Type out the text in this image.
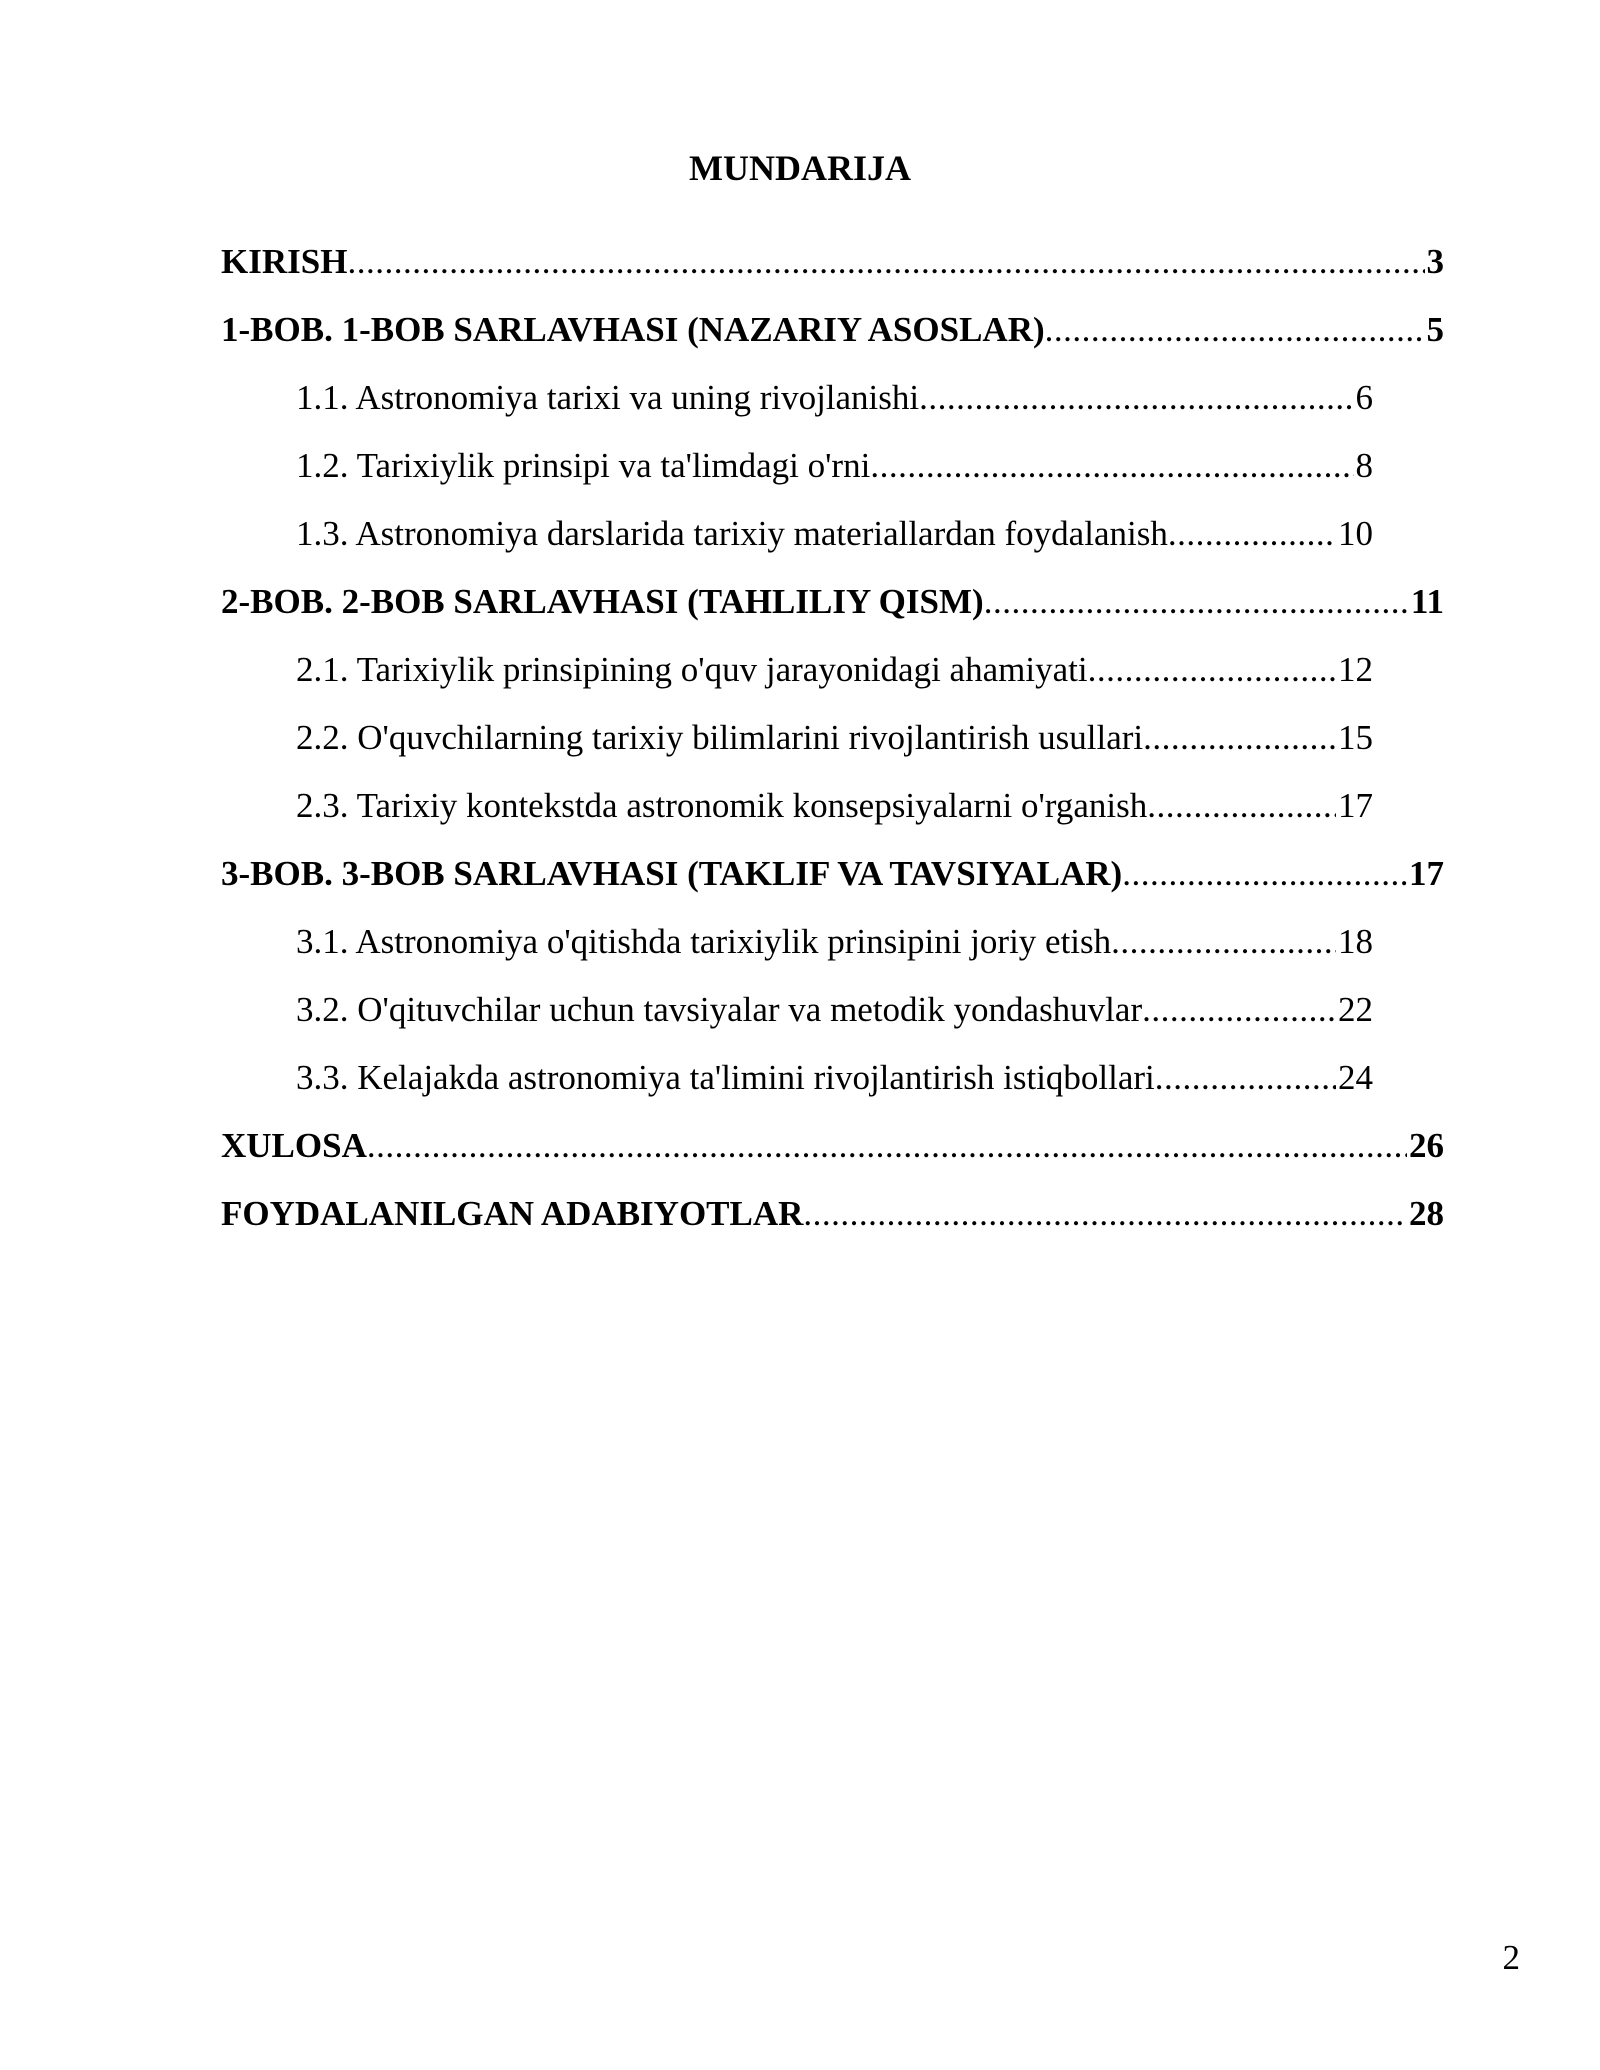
MUNDARIJA
KIRISH .....	3
1-BOB. 1-BOB SARLAVHASI (NAZARIY ASOSLAR) .....	5
1.1. Astronomiya tarixi va uning rivojlanishi .....	6
1.2. Tarixiylik prinsipi va ta'limdagi o'rni .....	8
1.3. Astronomiya darslarida tarixiy materiallardan foydalanish .....	10
2-BOB. 2-BOB SARLAVHASI (TAHLILIY QISM) .....	11
2.1. Tarixiylik prinsipining o'quv jarayonidagi ahamiyati .....	12
2.2. O'quvchilarning tarixiy bilimlarini rivojlantirish usullari .....	15
2.3. Tarixiy kontekstda astronomik konsepsiyalarni o'rganish .....	17
3-BOB. 3-BOB SARLAVHASI (TAKLIF VA TAVSIYALAR) .....	17
3.1. Astronomiya o'qitishda tarixiylik prinsipini joriy etish .....	18
3.2. O'qituvchilar uchun tavsiyalar va metodik yondashuvlar .....	22
3.3. Kelajakda astronomiya ta'limini rivojlantirish istiqbollari .....	24
XULOSA .....	26
FOYDALANILGAN ADABIYOTLAR .....	28
2
